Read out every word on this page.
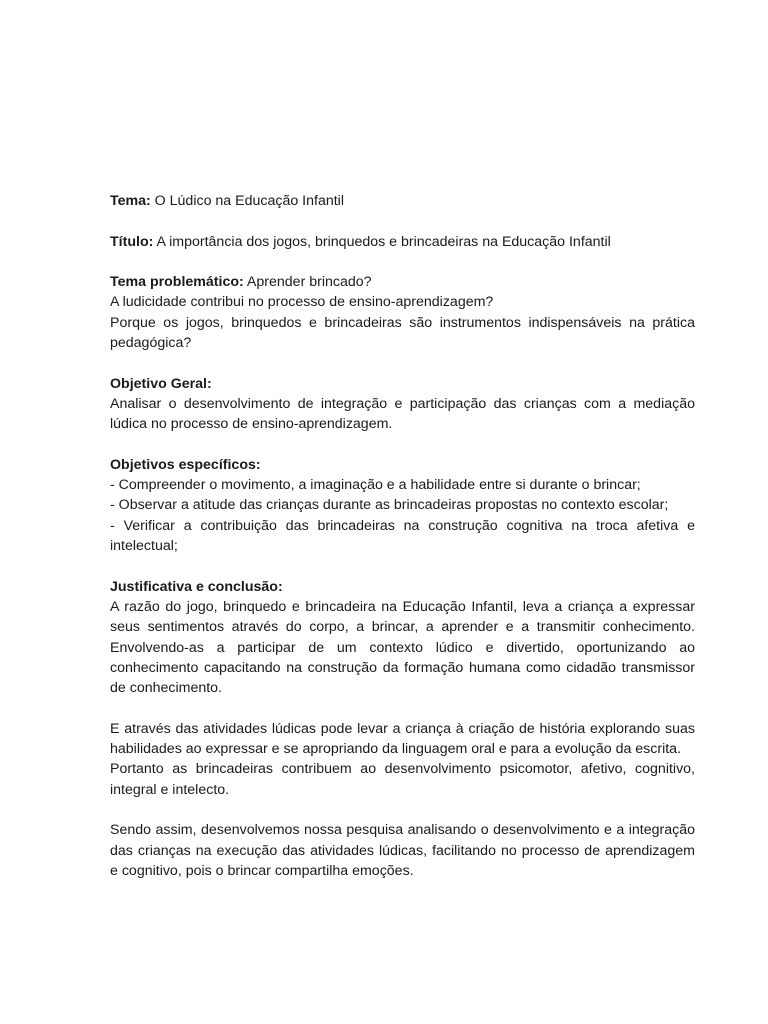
Tema: O Lúdico na Educação Infantil
Título: A importância dos jogos, brinquedos e brincadeiras na Educação Infantil
Tema problemático: Aprender brincado?
A ludicidade contribui no processo de ensino-aprendizagem?
Porque os jogos, brinquedos e brincadeiras são instrumentos indispensáveis na prática pedagógica?
Objetivo Geral:
Analisar o desenvolvimento de integração e participação das crianças com a mediação lúdica no processo de ensino-aprendizagem.
Objetivos específicos:
- Compreender o movimento, a imaginação e a habilidade entre si durante o brincar;
- Observar a atitude das crianças durante as brincadeiras propostas no contexto escolar;
- Verificar a contribuição das brincadeiras na construção cognitiva na troca afetiva e intelectual;
Justificativa e conclusão:
A razão do jogo, brinquedo e brincadeira na Educação Infantil, leva a criança a expressar seus sentimentos através do corpo, a brincar, a aprender e a transmitir conhecimento. Envolvendo-as a participar de um contexto lúdico e divertido, oportunizando ao conhecimento capacitando na construção da formação humana como cidadão transmissor de conhecimento.
E através das atividades lúdicas pode levar a criança à criação de história explorando suas habilidades ao expressar e se apropriando da linguagem oral e para a evolução da escrita.
Portanto as brincadeiras contribuem ao desenvolvimento psicomotor, afetivo, cognitivo, integral e intelecto.
Sendo assim, desenvolvemos nossa pesquisa analisando o desenvolvimento e a integração das crianças na execução das atividades lúdicas, facilitando no processo de aprendizagem e cognitivo, pois o brincar compartilha emoções.
